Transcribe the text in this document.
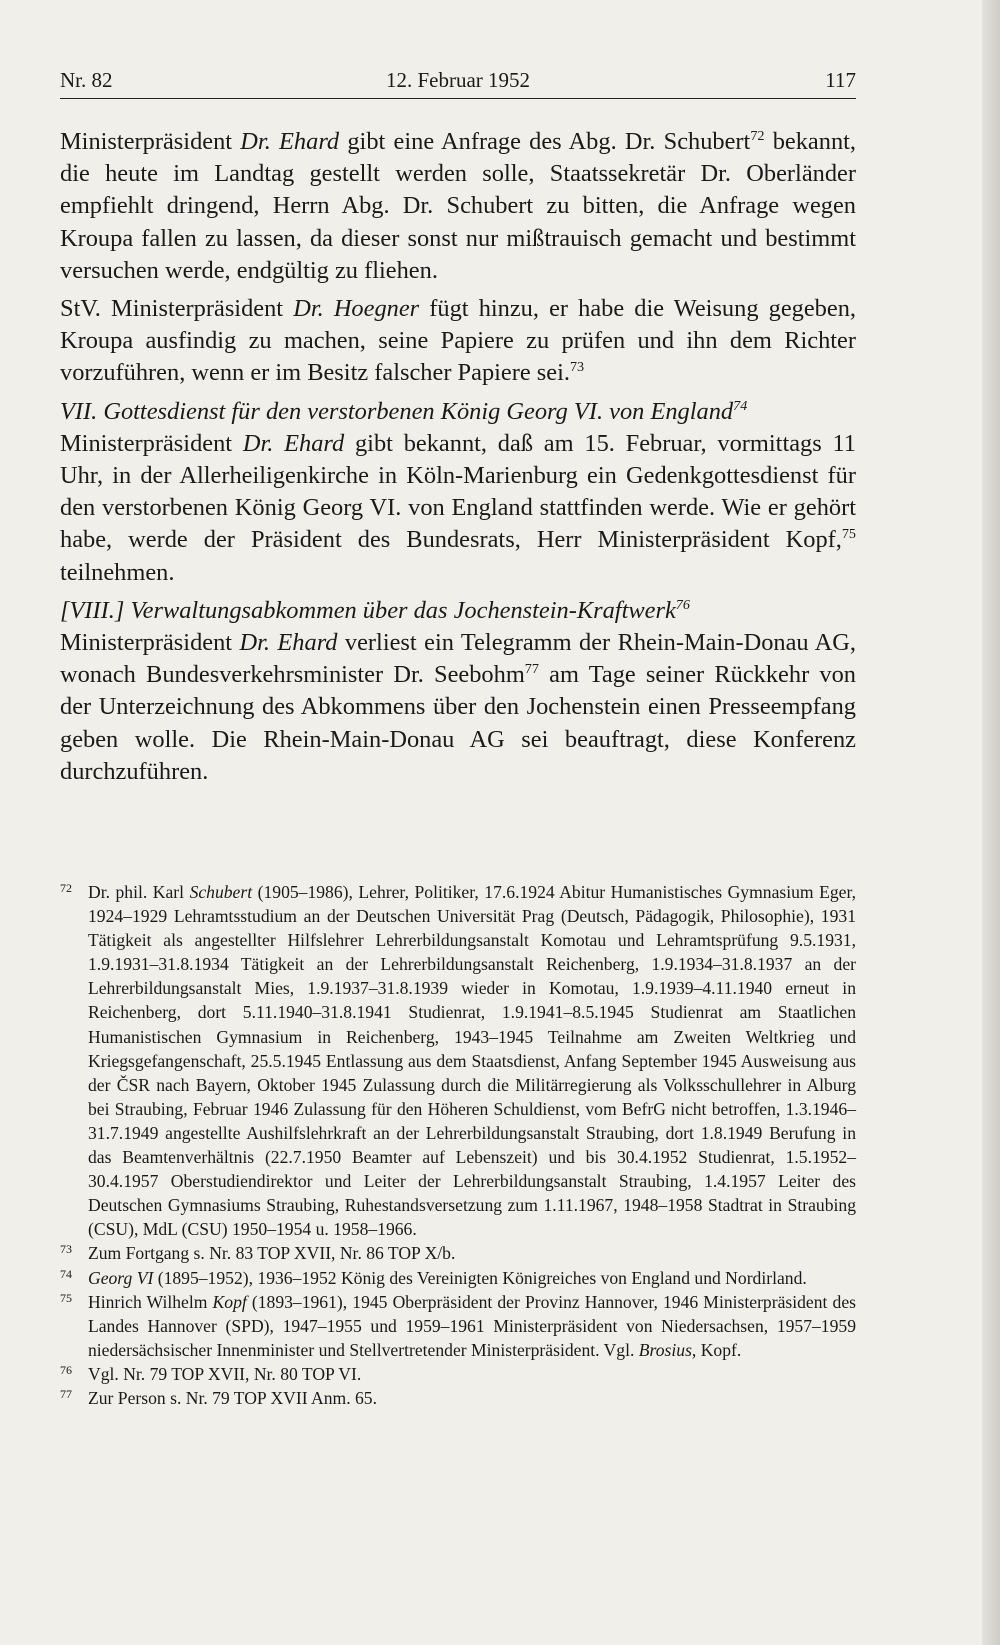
Nr. 82	12. Februar 1952	117

Ministerpräsident Dr. Ehard gibt eine Anfrage des Abg. Dr. Schubert$^{72}$ bekannt, die heute im Landtag gestellt werden solle, Staatssekretär Dr. Oberländer empfiehlt dringend, Herrn Abg. Dr. Schubert zu bitten, die Anfrage wegen Kroupa fallen zu lassen, da dieser sonst nur mißtrauisch gemacht und bestimmt versuchen werde, endgültig zu fliehen.

StV. Ministerpräsident Dr. Hoegner fügt hinzu, er habe die Weisung gegeben, Kroupa ausfindig zu machen, seine Papiere zu prüfen und ihn dem Richter vorzuführen, wenn er im Besitz falscher Papiere sei.$^{73}$

VII. Gottesdienst für den verstorbenen König Georg VI. von England$^{74}$

Ministerpräsident Dr. Ehard gibt bekannt, daß am 15. Februar, vormittags 11 Uhr, in der Allerheiligenkirche in Köln-Marienburg ein Gedenkgottesdienst für den verstorbenen König Georg VI. von England stattfinden werde. Wie er gehört habe, werde der Präsident des Bundesrats, Herr Ministerpräsident Kopf,$^{75}$ teilnehmen.

[VIII.] Verwaltungsabkommen über das Jochenstein-Kraftwerk$^{76}$

Ministerpräsident Dr. Ehard verliest ein Telegramm der Rhein-Main-Donau AG, wonach Bundesverkehrsminister Dr. Seebohm$^{77}$ am Tage seiner Rückkehr von der Unterzeichnung des Abkommens über den Jochenstein einen Presseempfang geben wolle. Die Rhein-Main-Donau AG sei beauftragt, diese Konferenz durchzuführen.

72 Dr. phil. Karl Schubert (1905–1986), Lehrer, Politiker, 17.6.1924 Abitur Humanistisches Gymnasium Eger, 1924–1929 Lehramtsstudium an der Deutschen Universität Prag (Deutsch, Pädagogik, Philosophie), 1931 Tätigkeit als angestellter Hilfslehrer Lehrerbildungsanstalt Komotau und Lehramtsprüfung 9.5.1931, 1.9.1931–31.8.1934 Tätigkeit an der Lehrerbildungsanstalt Reichenberg, 1.9.1934–31.8.1937 an der Lehrerbildungsanstalt Mies, 1.9.1937–31.8.1939 wieder in Komotau, 1.9.1939–4.11.1940 erneut in Reichenberg, dort 5.11.1940–31.8.1941 Studienrat, 1.9.1941–8.5.1945 Studienrat am Staatlichen Humanistischen Gymnasium in Reichenberg, 1943–1945 Teilnahme am Zweiten Weltkrieg und Kriegsgefangenschaft, 25.5.1945 Entlassung aus dem Staatsdienst, Anfang September 1945 Ausweisung aus der ČSR nach Bayern, Oktober 1945 Zulassung durch die Militärregierung als Volksschullehrer in Alburg bei Straubing, Februar 1946 Zulassung für den Höheren Schuldienst, vom BefrG nicht betroffen, 1.3.1946–31.7.1949 angestellte Aushilfslehrkraft an der Lehrerbildungsanstalt Straubing, dort 1.8.1949 Berufung in das Beamtenverhältnis (22.7.1950 Beamter auf Lebenszeit) und bis 30.4.1952 Studienrat, 1.5.1952–30.4.1957 Oberstudiendirektor und Leiter der Lehrerbildungsanstalt Straubing, 1.4.1957 Leiter des Deutschen Gymnasiums Straubing, Ruhestandsversetzung zum 1.11.1967, 1948–1958 Stadtrat in Straubing (CSU), MdL (CSU) 1950–1954 u. 1958–1966.

73 Zum Fortgang s. Nr. 83 TOP XVII, Nr. 86 TOP X/b.

74 Georg VI (1895–1952), 1936–1952 König des Vereinigten Königreiches von England und Nordirland.

75 Hinrich Wilhelm Kopf (1893–1961), 1945 Oberpräsident der Provinz Hannover, 1946 Ministerpräsident des Landes Hannover (SPD), 1947–1955 und 1959–1961 Ministerpräsident von Niedersachsen, 1957–1959 niedersächsischer Innenminister und Stellvertretender Ministerpräsident. Vgl. Brosius, Kopf.

76 Vgl. Nr. 79 TOP XVII, Nr. 80 TOP VI.

77 Zur Person s. Nr. 79 TOP XVII Anm. 65.
